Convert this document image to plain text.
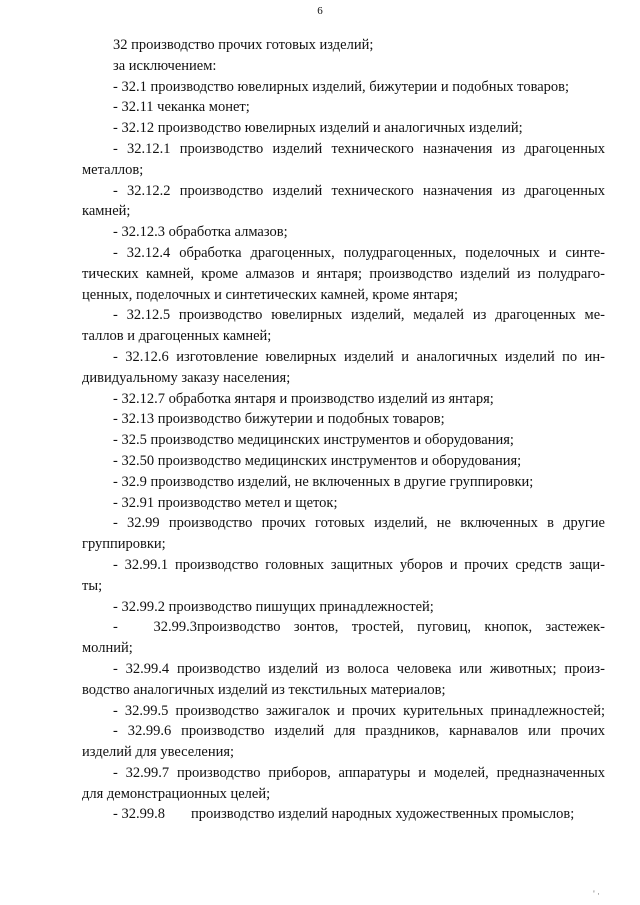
6
32 производство прочих готовых изделий;
за исключением:
- 32.1 производство ювелирных изделий, бижутерии и подобных товаров;
- 32.11 чеканка монет;
- 32.12 производство ювелирных изделий и аналогичных изделий;
- 32.12.1 производство изделий технического назначения из драгоценных
металлов;
- 32.12.2 производство изделий технического назначения из драгоценных
камней;
- 32.12.3 обработка алмазов;
- 32.12.4 обработка драгоценных, полудрагоценных, поделочных и синте-
тических камней, кроме алмазов и янтаря; производство изделий из полудраго-
ценных, поделочных и синтетических камней, кроме янтаря;
- 32.12.5 производство ювелирных изделий, медалей из драгоценных ме-
таллов и драгоценных камней;
- 32.12.6 изготовление ювелирных изделий и аналогичных изделий по ин-
дивидуальному заказу населения;
- 32.12.7 обработка янтаря и производство изделий из янтаря;
- 32.13 производство бижутерии и подобных товаров;
- 32.5 производство медицинских инструментов и оборудования;
- 32.50 производство медицинских инструментов и оборудования;
- 32.9 производство изделий, не включенных в другие группировки;
- 32.91 производство метел и щеток;
- 32.99 производство прочих готовых изделий, не включенных в другие
группировки;
- 32.99.1 производство головных защитных уборов и прочих средств защи-
ты;
- 32.99.2 производство пишущих принадлежностей;
- 32.99.3производство зонтов, тростей, пуговиц, кнопок, застежек-
молний;
- 32.99.4 производство изделий из волоса человека или животных; произ-
водство аналогичных изделий из текстильных материалов;
- 32.99.5 производство зажигалок и прочих курительных принадлежностей;
- 32.99.6 производство изделий для праздников, карнавалов или прочих
изделий для увеселения;
- 32.99.7 производство приборов, аппаратуры и моделей, предназначенных
для демонстрационных целей;
- 32.99.8 производство изделий народных художественных промыслов;
' ·
